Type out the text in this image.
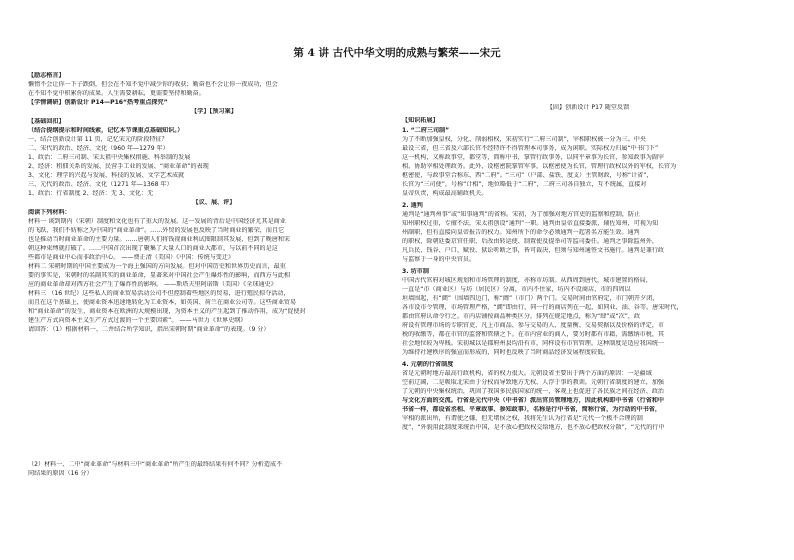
第 4 讲 古代中华文明的成熟与繁荣——宋元
【励志格言】
懒惰不会让你一下子跌倒，但会在不知不觉中减少你的收获；勤奋也不会让你一夜成功，但会
在不知不觉中积累你的成果。人生需要耕耘，更需要坚持和勤奋。
【学情调研】创新设计 P14—P16“热考重点探究”
【学】【预习案】
【基础回扣】
（结合提纲提示和时间线索，记忆本节课重点基础知识。）
一、结合创新设计第 11 页，记忆宋元的阶段特征？
二、宋代的政治、经济、文化（960 年—1279 年）
1、政治：二府三司制、宋太祖中央集权措施、科举制的发展
2、经济：租佃关系的发展、民营手工业的发展、“商业革命”的表现
3、文化：理学的兴起与发展、科技的发展、文学艺术成就
三、元代的政治、经济、文化（1271 年—1368 年）
1、政治：行省制度 2、经济：无 3、文化：无
【议、展、评】
阅读下列材料：
材料一 谈到期内（宋朝）制度和文化也有了重大的发展。这一发展的背后是中国经济尤其是商业
的飞跃，我们不妨称之为中国的“商业革命”。……外贸的发展也反映了当时商业的繁荣，而且它
也是推动当时商业革命的主要力量。……唐朝人们将钱视商业利试图限制其发展，但到了晚唐和宋
朝这种束缚就打破了。……中国首次出现了聚集了大量人口的商业大都市，与以前不同的是这
些都市是商业中心而非政治中心。 ——费正清（美国）《中国：传统与变迁》
材料二 宋朝时期的中国主要成为一个海上强国的方向发展。但对中国历史和世界历史而言，最重
要的事实是，宋朝时的名副其实的商业革命，显著来对中国社会产生爆炸性的影响，而西方与此相
应的商业革命却对西方社会产生了爆炸性的影响。 ——斯塔夫里阿诺斯（美国）《全球通史》
材料三 （16 世纪）这些私人的商业贸易活动公司不但控制着些地区的贸易，进行殖民掠夺活动，
而且在这个基础上，使商业资本迅速地转化为工业资本，如英国、荷兰在商业公司等。这些商业贸易
和“商业革命”的发生，商业资本在欧洲的大规模出现，为资本主义的产生起到了推动作用，成为“促使封
建生产方式向资本主义生产方式过渡的一个主要因素”。 ——马世力《世界史纲》
请回答：（1）根据材料一、二并结合所学知识，指出宋朝时期“商业革命”的表现。（9 分）
（2）材料一、二中“商业革命”与材料三中“商业革命”所产生的最终结果有何不同？分析造成不
同结果的原因（16 分）
【固】创新设计 P17 随堂反馈
【知识拓展】
1. “二府三司制”
为了不断加强皇权，分化、削弱相权，宋初实行“二府三司制”，宰相职权被一分为三。中央
最设三省，但三省及六部长官不经特许不得管理本司事务，成为闲职。实际权力归属“中书门下”
这一机构，又称政事堂，都堂等，简称中书，掌管行政事务，以同平章事为长官，参知政事为副宰
相，协助宰相处理政务。此外，设枢密院掌管军事，以枢密使为长官，管理行政权以外的军权，长官为
枢密使，与政事堂合称东、西“二府”。“三司”（户部、盐铁、度支）主管财政，号称“计省”，
长官为“三司使”，号称“计相”，地位略低于“二府”，二府三司各自独立，互不统属，直接对
皇帝负责，构成最高辅政机关。
2. 通判
通判是“通判州事”或“知事通判”的省称。宋初，为了加强对地方官吏的监察和控制，防止
知州职权过重，专擅不法，宋太祖创设“通判”一职。通判由皇帝直接委派，辅佐知州，可视为知
州副职，但有直接向皇帝报告的权力。知州所下的命令必须通判一起署名方能生效。通判
的职权，除朝廷委京官任职，后改由转运使、制置使及提举司等监司委任。通判之事除监州外，
凡兵民、钱谷、户口、赋役、狱讼听断之事，皆可裁决，但须与知州通签文书施行。通判是兼行政
与监察于一身的中央官员。
3. 坊市制
中国古代官府对城区规划和市场管理的制度，亦称市坊制。从西周到唐代，城市建置的格局，
一直是“市（商业区）与坊（居民区）分离，市内不住家，坊内不设商店，市的四周以
垣墙围起，有“阛”（围墙四边门，称“阓”（市门）两个门。交易时间由官府定，市门朝开夕闭，
各市设市令管理，市场管理严格，“阛”即由行，同一行的商店列在一起，如同业、油、谷等。唐宋时代，
都由官府认命令行之。市内店铺按商品种类区分，排列在规定地点，称为“肆”或“次”，政
府设有管理市场的专职官吏，凡上市商品、参与交易的人、度量衡、交易契据以及价格的评定，市
税的收缴等，都在市官的监督和管辖之下。在市内营业的商人，要另时都有市籍，需缴纳市税，其
社会地位较为卑贱。宋初城以是郡府州县均沿有市，同样设有市官管理。这种制度是适应我国统一
为维持社建秩序的强宣而形成的，同时也反映了当时商品经济发展程度较低。
4. 元朝的行省制度
省是元朝时地方最高行政机构，省的权力很大。元朝设省主要出于两个方面的原因：一是疆域
空前辽阔，二是吸取北宋由于分权而导致地方无权、人浮于事的教训。元朝行省制度的建立，加强
了元朝的中央集权统治，巩固了我国多民族国家的统一，客观上也促进了各民族之间在经济、政治
与文化方面的交流。行省是元代中央（中书省）派出官员管理地方，因此机构即中书省（行省和中
书省一样，都设省丞相、平章政事、参知政事），名称是行中书省，简称行省，为行动的中书省，
宰相的派出所，有谓使之嫌，但无堵侯之权，我将先生认为行省是“元代一个极不合理的制
度”，“外貌用此制度来统治中国，是不放心把政权交给地方，也不放心把政权分散”，“元代的行中
